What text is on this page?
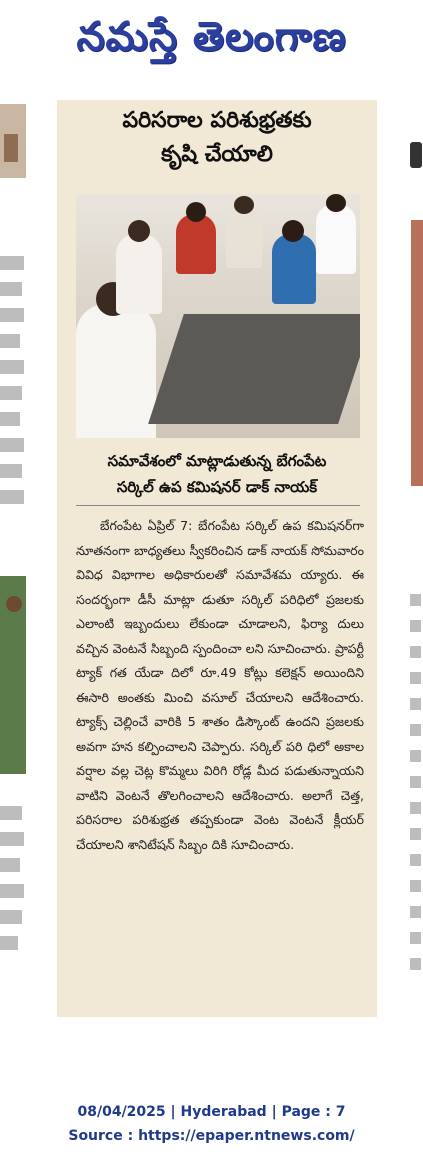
నమస్తే తెలంగాణ
పరిసరాల పరిశుభ్రతకు
కృషి చేయాలి
సమావేశంలో మాట్లాడుతున్న బేగంపేట
సర్కిల్ ఉప కమిషనర్ డాక్ నాయక్
బేగంపేట ఏప్రిల్ 7: బేగంపేట సర్కిల్ ఉప కమిషనర్‌గా నూతనంగా బాధ్యతలు స్వీకరించిన డాక్ నాయక్ సోమవారం వివిధ విభాగాల అధికారులతో సమావేశమ య్యారు. ఈ సందర్భంగా డీసీ మాట్లా డుతూ సర్కిల్ పరిధిలో ప్రజలకు ఎలాంటి ఇబ్బందులు లేకుండా చూడాలని, ఫిర్యా దులు వచ్చిన వెంటనే సిబ్బంది స్పందించా లని సూచించారు. ప్రాపర్టీ ట్యాక్ గత యేడా దిలో రూ.49 కోట్లు కలెక్షన్ అయిందిని ఈసారి అంతకు మించి వసూల్ చేయాలని ఆదేశించారు. ట్యాక్స్ చెల్లించే వారికి 5 శాతం డిస్కౌంట్ ఉందని ప్రజలకు అవగా హన కల్పించాలని చెప్పారు. సర్కిల్ పరి ధిలో అకాల వర్షాల వల్ల చెట్ల కొమ్మలు విరిగి రోడ్ల మీద పడుతున్నాయని వాటిని వెంటనే తొలగించాలని ఆదేశించారు. అలాగే చెత్త, పరిసరాల పరిశుభ్రత తప్పకుండా వెంట వెంటనే క్లీయర్ చేయాలని శానిటేషన్ సిబ్బం దికి సూచించారు.
08/04/2025 | Hyderabad | Page : 7
Source : https://epaper.ntnews.com/
